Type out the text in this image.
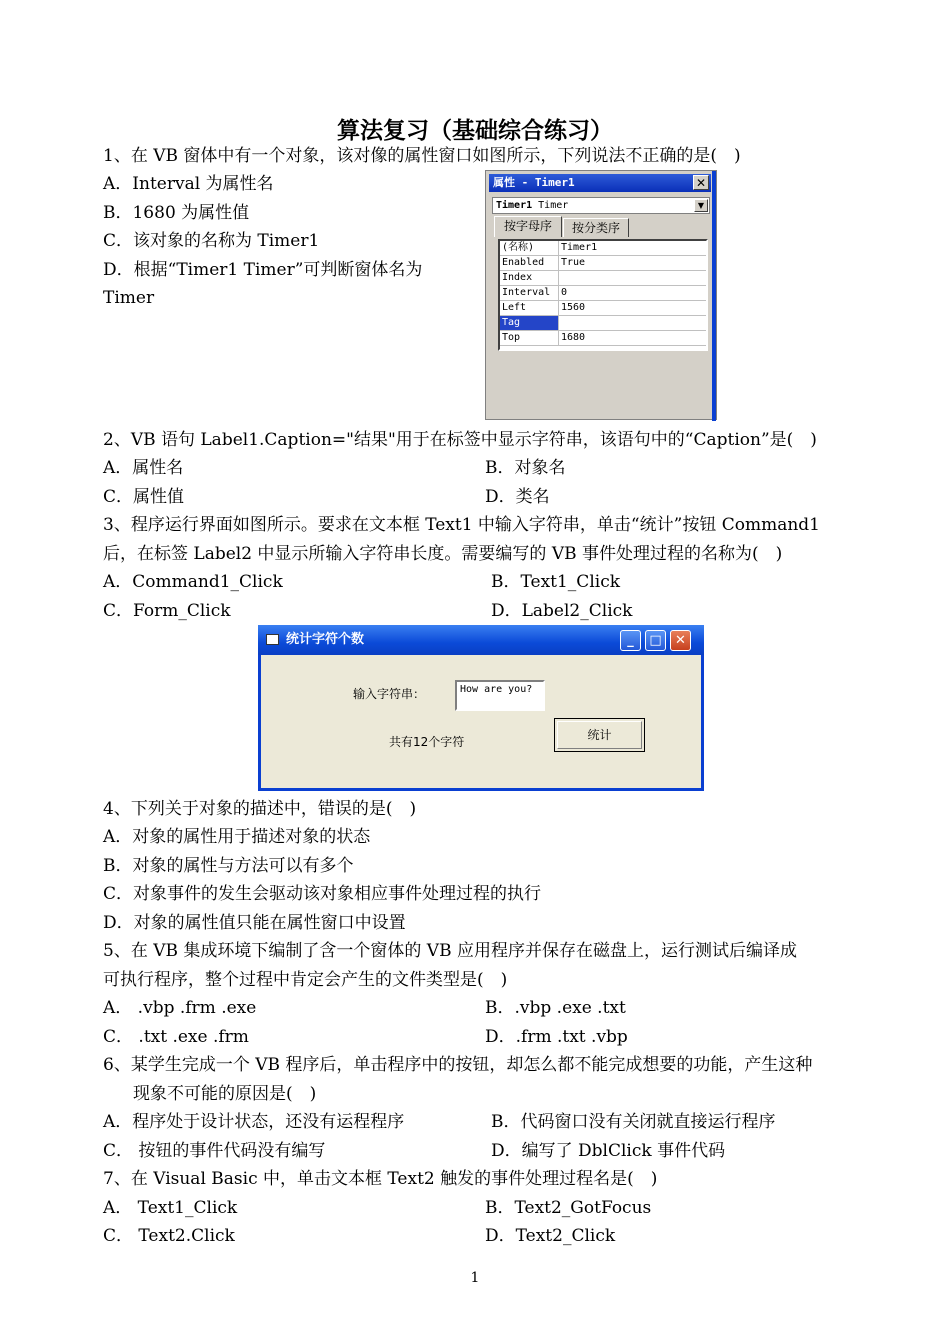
算法复习（基础综合练习）
1、在 VB 窗体中有一个对象，该对像的属性窗口如图所示，下列说法不正确的是(　)
A．Interval 为属性名
B．1680 为属性值
C．该对象的名称为 Timer1
D．根据“Timer1 Timer”可判断窗体名为
Timer
属性 - Timer1	✕
Timer1 Timer	▼
按字母序	按分类序
(名称)	Timer1
Enabled	True
Index	
Interval	0
Left	1560
Tag	
Top	1680
2、VB 语句 Label1.Caption="结果"用于在标签中显示字符串，该语句中的“Caption”是(　)
A．属性名	B．对象名
C．属性值	D．类名
3、程序运行界面如图所示。要求在文本框 Text1 中输入字符串，单击“统计”按钮 Command1
后，在标签 Label2 中显示所输入字符串长度。需要编写的 VB 事件处理过程的名称为(　)
A．Command1_Click	B．Text1_Click
C．Form_Click	D．Label2_Click
统计字符个数	_	□	✕
输入字符串：	How are you?
共有12个字符	统计
4、下列关于对象的描述中，错误的是(　)
A．对象的属性用于描述对象的状态
B．对象的属性与方法可以有多个
C．对象事件的发生会驱动该对象相应事件处理过程的执行
D．对象的属性值只能在属性窗口中设置
5、在 VB 集成环境下编制了含一个窗体的 VB 应用程序并保存在磁盘上，运行测试后编译成
可执行程序，整个过程中肯定会产生的文件类型是(　)
A． .vbp .frm .exe	B．.vbp .exe .txt
C． .txt .exe .frm	D．.frm .txt .vbp
6、某学生完成一个 VB 程序后，单击程序中的按钮，却怎么都不能完成想要的功能，产生这种
现象不可能的原因是(　)
A．程序处于设计状态，还没有运程程序	B．代码窗口没有关闭就直接运行程序
C． 按钮的事件代码没有编写	D．编写了 DblClick 事件代码
7、在 Visual Basic 中，单击文本框 Text2 触发的事件处理过程名是(　)
A． Text1_Click	B．Text2_GotFocus
C． Text2.Click	D．Text2_Click
1
